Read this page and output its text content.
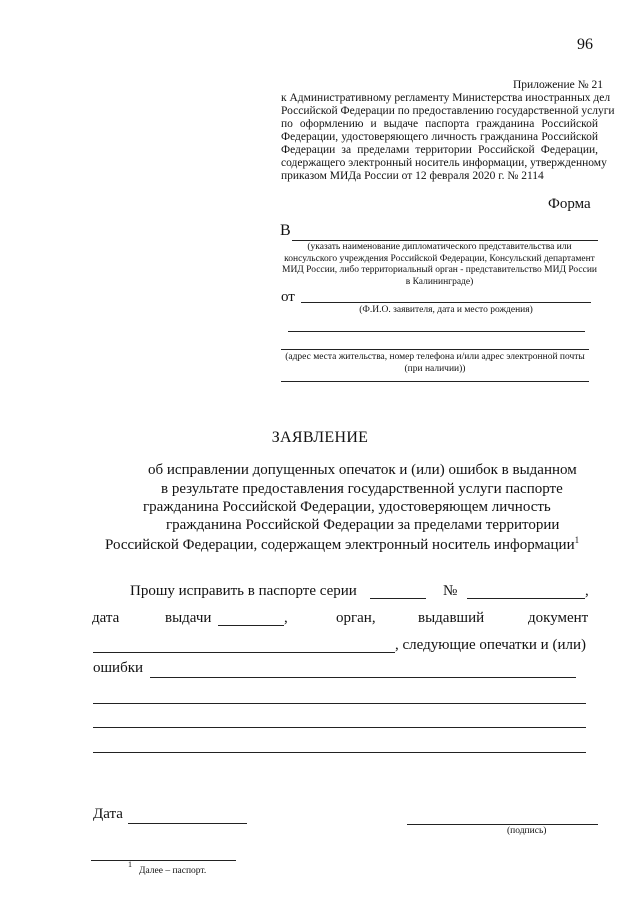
96
Приложение № 21
к Административному регламенту Министерства иностранных дел
Российской Федерации по предоставлению государственной услуги
по оформлению и выдаче паспорта гражданина Российской
Федерации, удостоверяющего личность гражданина Российской
Федерации за пределами территории Российской Федерации,
содержащего электронный носитель информации, утвержденному
приказом МИДа России от 12 февраля 2020 г. № 2114
Форма
В
(указать наименование дипломатического представительства или
консульского учреждения Российской Федерации, Консульский департамент
МИД России, либо территориальный орган - представительство МИД России
в Калининграде)
от
(Ф.И.О. заявителя, дата и место рождения)
(адрес места жительства, номер телефона и/или адрес электронной почты
(при наличии))
ЗАЯВЛЕНИЕ
об исправлении допущенных опечаток и (или) ошибок в выданном
в результате предоставления государственной услуги паспорте
гражданина Российской Федерации, удостоверяющем личность
гражданина Российской Федерации за пределами территории
Российской Федерации, содержащем электронный носитель информации$^1$
Прошу исправить в паспорте серии	№	,
дата	выдачи	,	орган,	выдавший	документ
, следующие опечатки и (или)
ошибки
Дата
(подпись)
1
Далее – паспорт.
